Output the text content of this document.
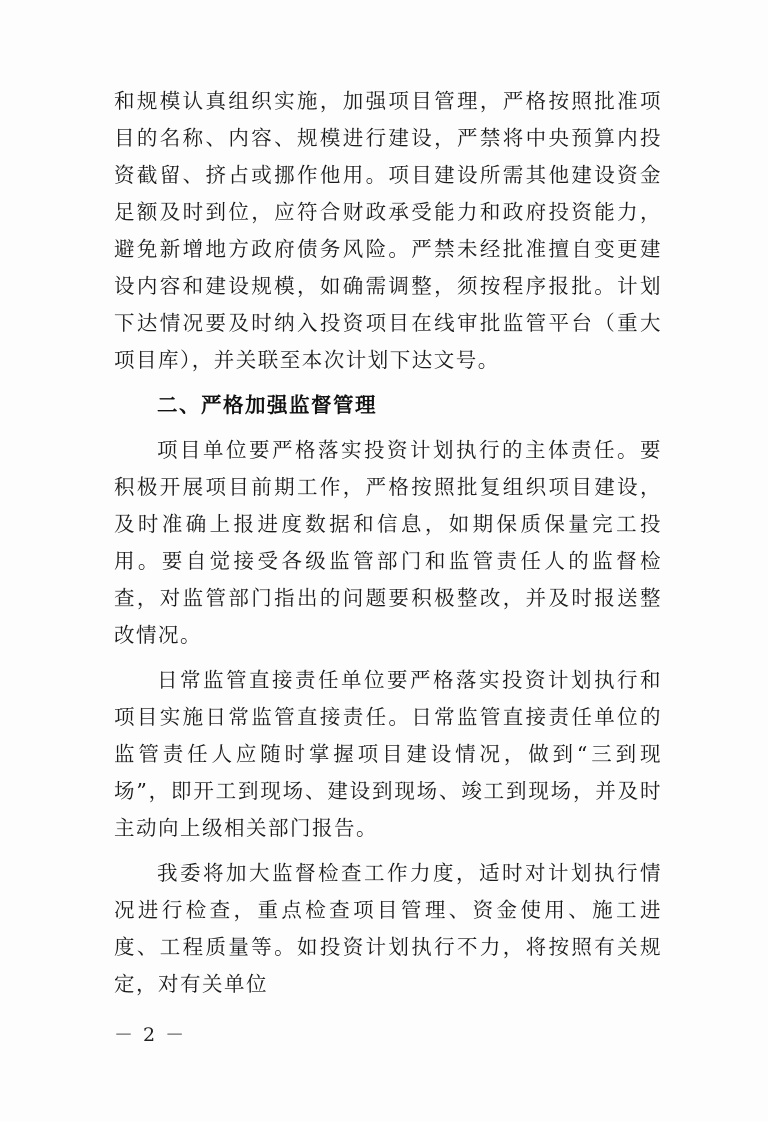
和规模认真组织实施，加强项目管理，严格按照批准项目的名称、内容、规模进行建设，严禁将中央预算内投资截留、挤占或挪作他用。项目建设所需其他建设资金足额及时到位，应符合财政承受能力和政府投资能力，避免新增地方政府债务风险。严禁未经批准擅自变更建设内容和建设规模，如确需调整，须按程序报批。计划下达情况要及时纳入投资项目在线审批监管平台（重大项目库），并关联至本次计划下达文号。

二、严格加强监督管理

项目单位要严格落实投资计划执行的主体责任。要积极开展项目前期工作，严格按照批复组织项目建设，及时准确上报进度数据和信息，如期保质保量完工投用。要自觉接受各级监管部门和监管责任人的监督检查，对监管部门指出的问题要积极整改，并及时报送整改情况。

日常监管直接责任单位要严格落实投资计划执行和项目实施日常监管直接责任。日常监管直接责任单位的监管责任人应随时掌握项目建设情况，做到“三到现场”，即开工到现场、建设到现场、竣工到现场，并及时主动向上级相关部门报告。

我委将加大监督检查工作力度，适时对计划执行情况进行检查，重点检查项目管理、资金使用、施工进度、工程质量等。如投资计划执行不力，将按照有关规定，对有关单位

－ 2 －
